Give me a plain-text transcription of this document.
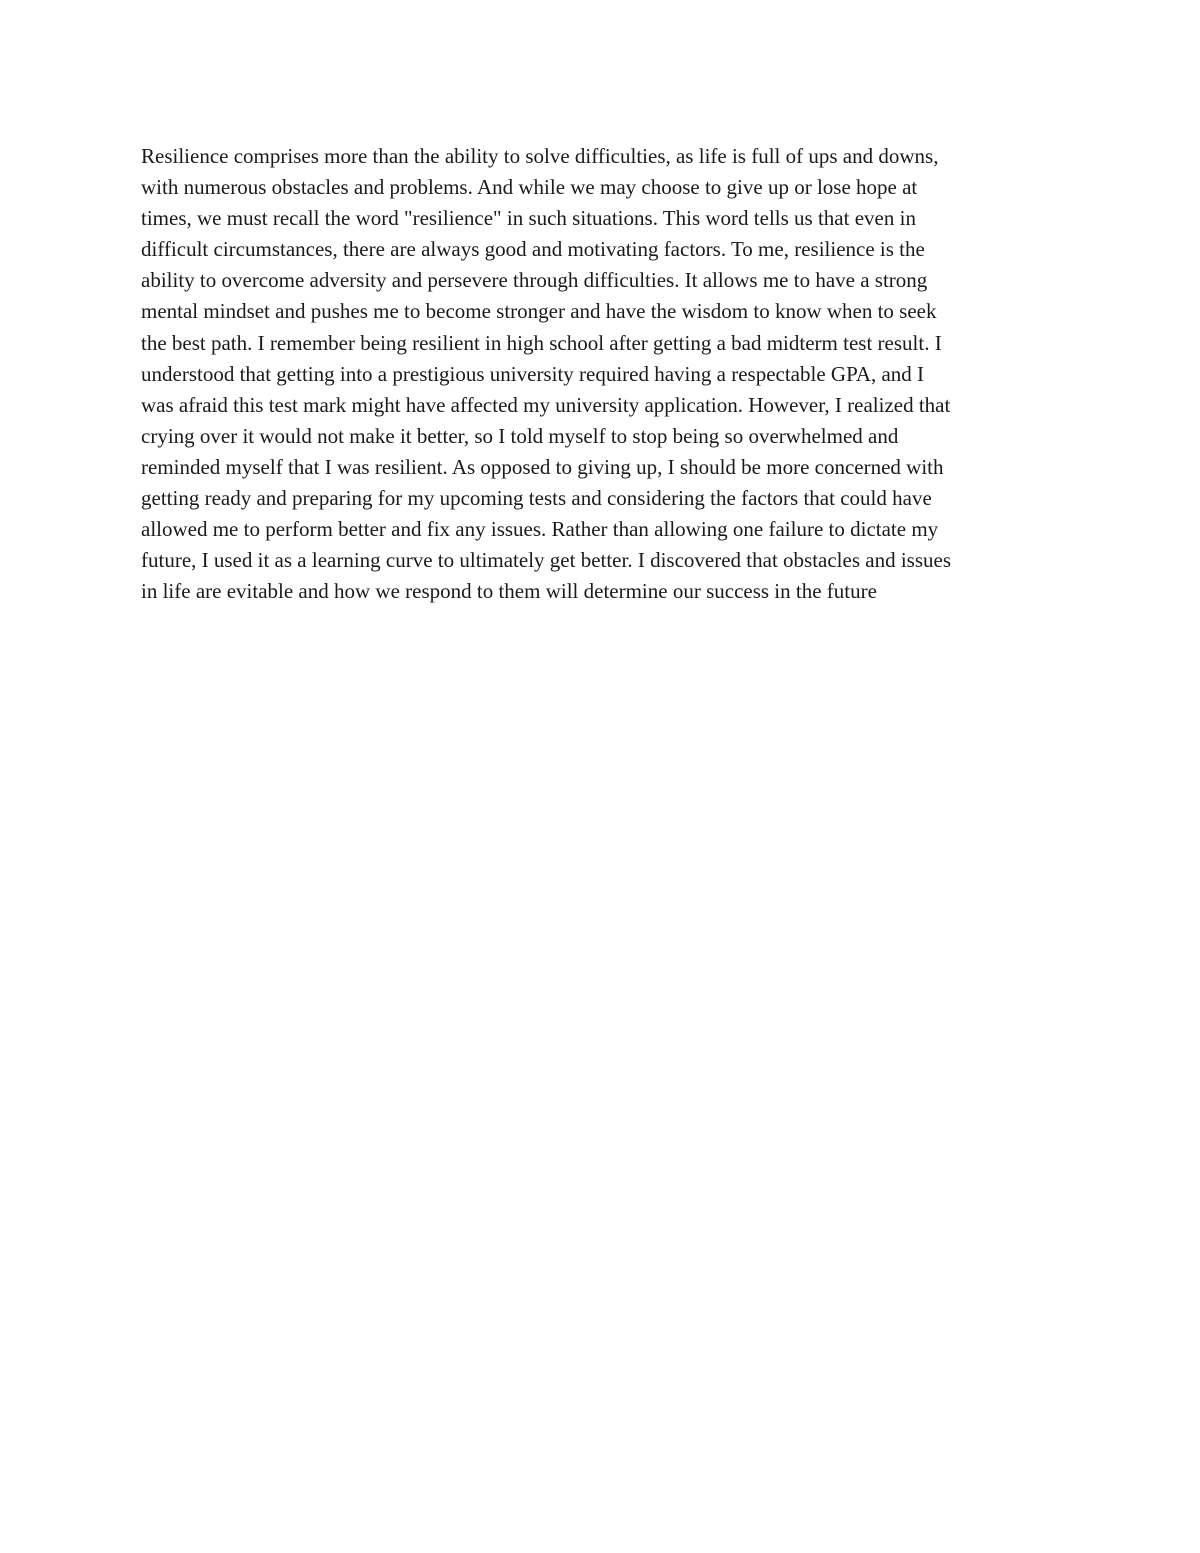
Resilience comprises more than the ability to solve difficulties, as life is full of ups and downs,
with numerous obstacles and problems. And while we may choose to give up or lose hope at
times, we must recall the word "resilience" in such situations. This word tells us that even in
difficult circumstances, there are always good and motivating factors. To me, resilience is the
ability to overcome adversity and persevere through difficulties. It allows me to have a strong
mental mindset and pushes me to become stronger and have the wisdom to know when to seek
the best path. I remember being resilient in high school after getting a bad midterm test result. I
understood that getting into a prestigious university required having a respectable GPA, and I
was afraid this test mark might have affected my university application. However, I realized that
crying over it would not make it better, so I told myself to stop being so overwhelmed and
reminded myself that I was resilient. As opposed to giving up, I should be more concerned with
getting ready and preparing for my upcoming tests and considering the factors that could have
allowed me to perform better and fix any issues. Rather than allowing one failure to dictate my
future, I used it as a learning curve to ultimately get better. I discovered that obstacles and issues
in life are evitable and how we respond to them will determine our success in the future
